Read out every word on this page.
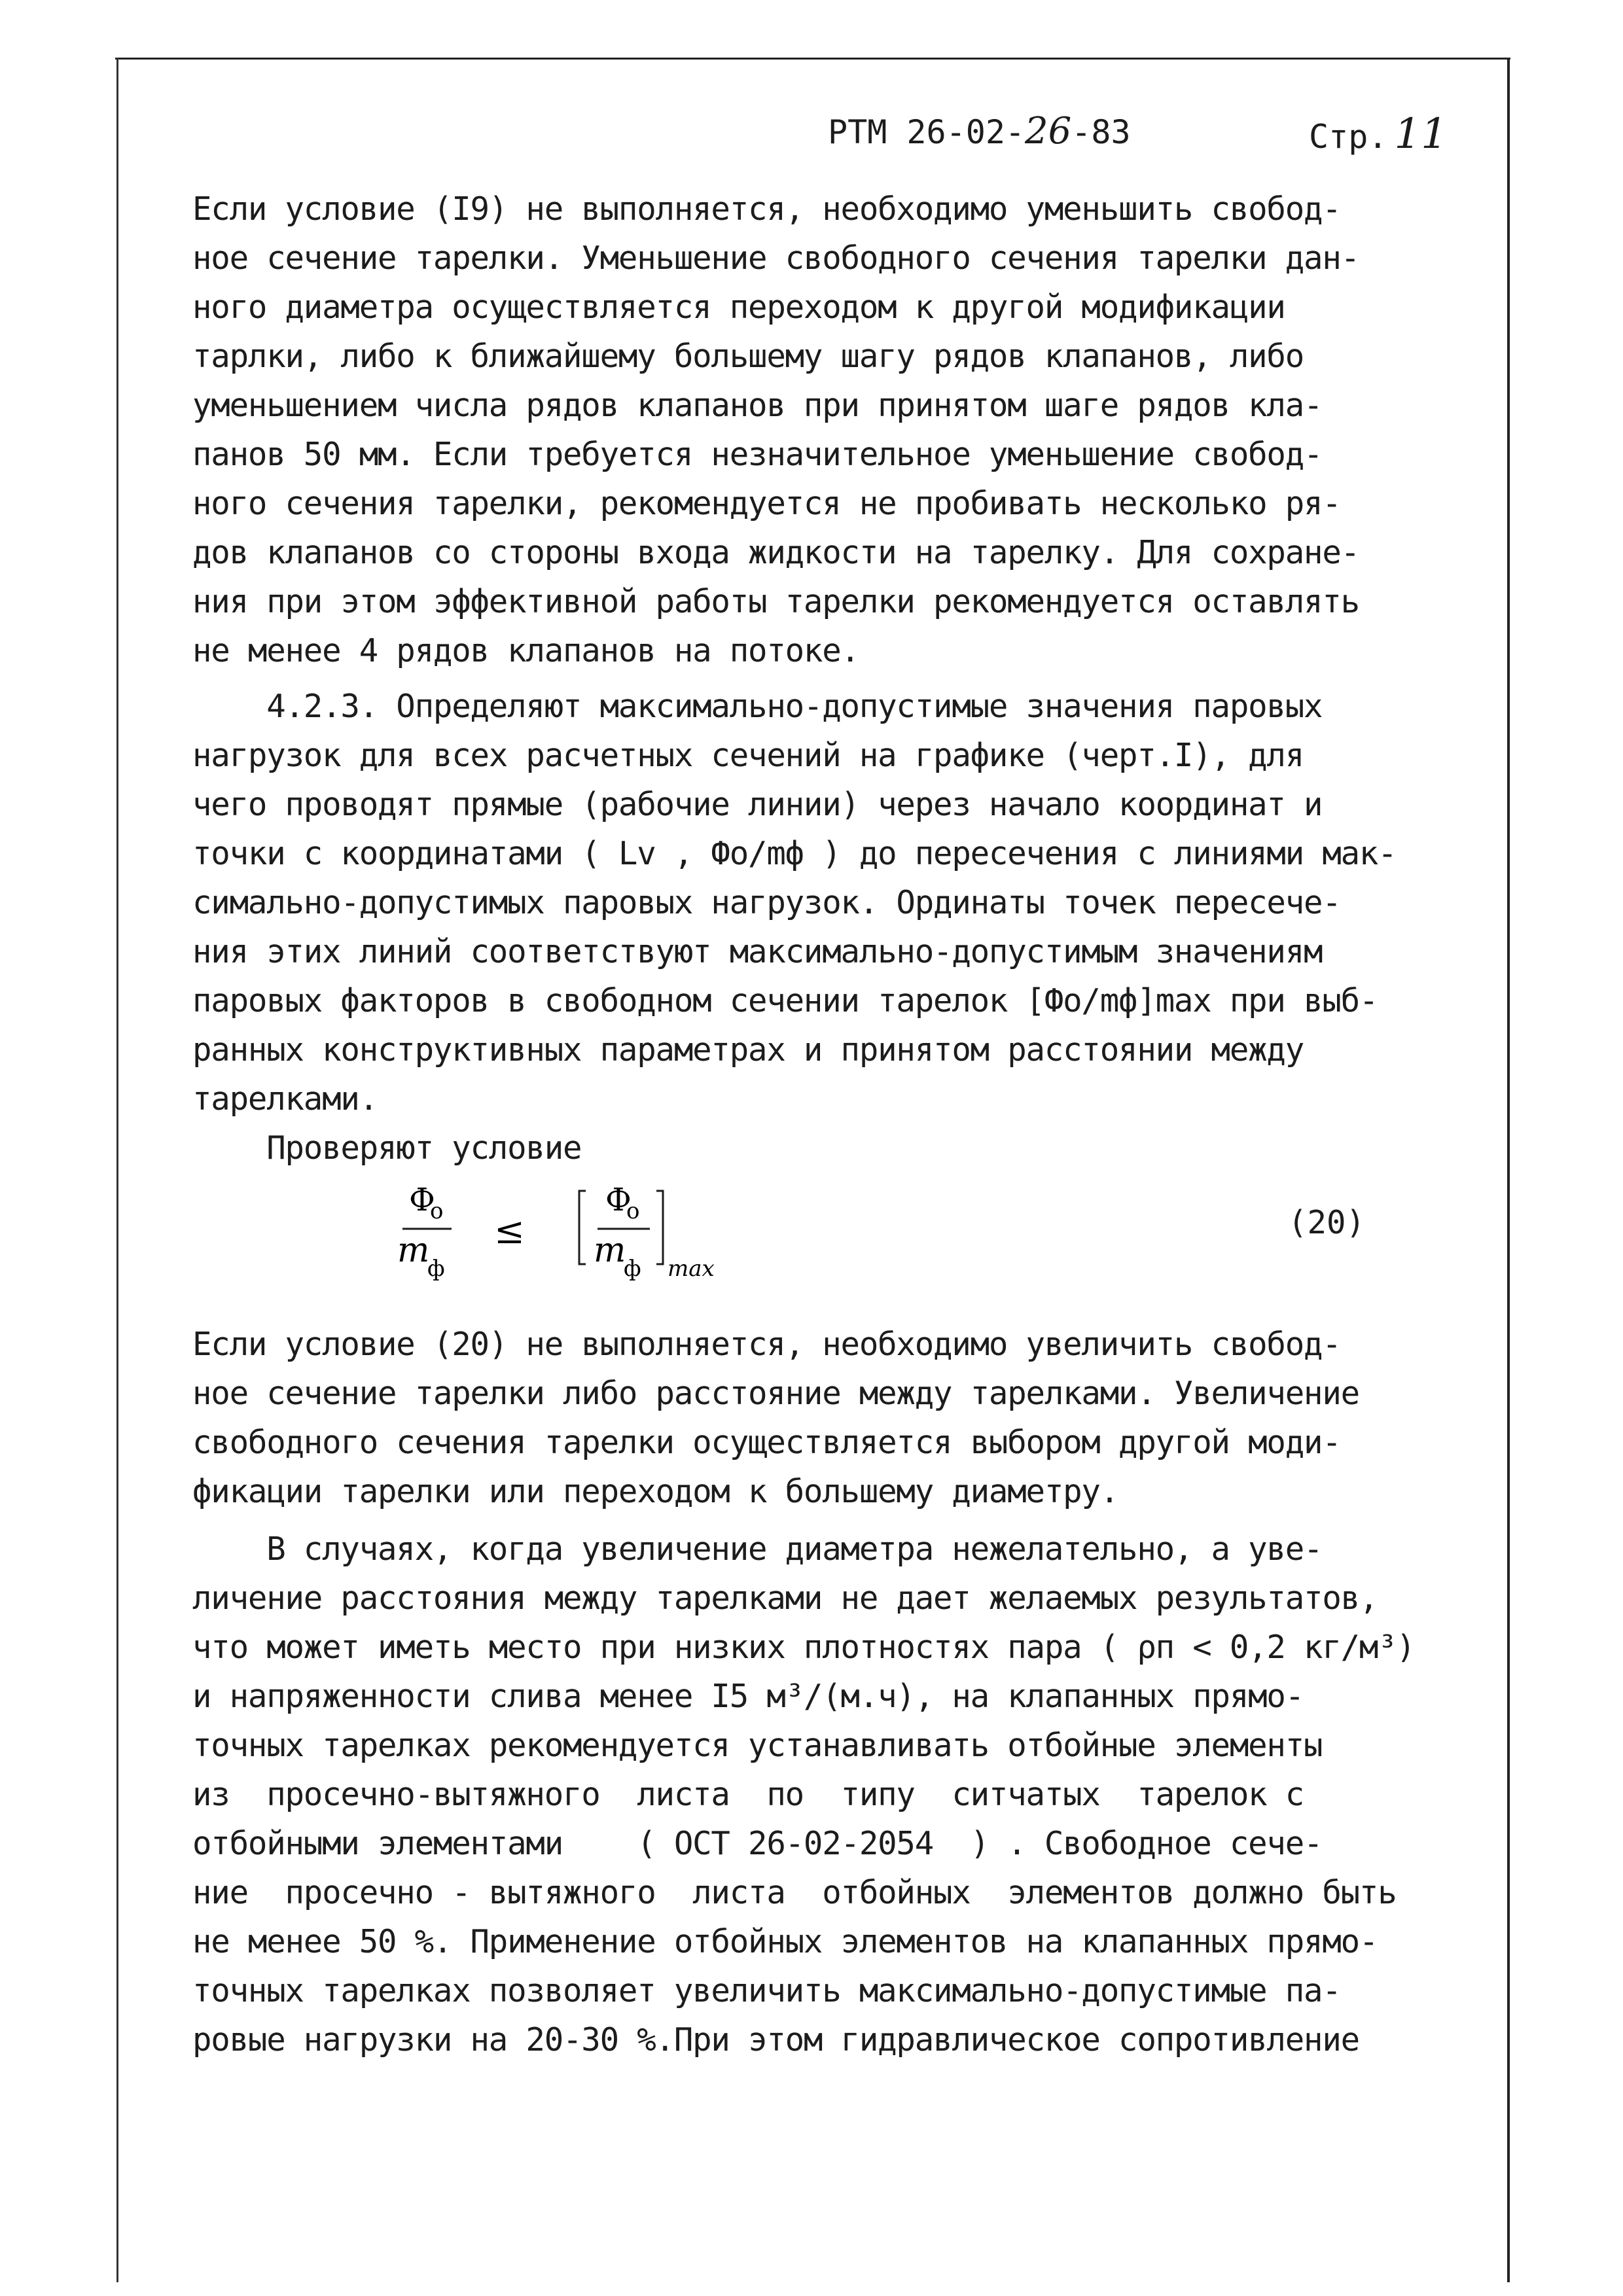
РТМ 26-02-26-83	Стр. 11
Если условие (I9) не выполняется, необходимо уменьшить свобод-
ное сечение тарелки. Уменьшение свободного сечения тарелки дан-
ного диаметра осуществляется переходом к другой модификации
тарлки, либо к ближайшему большему шагу рядов клапанов, либо
уменьшением числа рядов клапанов при принятом шаге рядов кла-
панов 50 мм. Если требуется незначительное уменьшение свобод-
ного сечения тарелки, рекомендуется не пробивать несколько ря-
дов клапанов со стороны входа жидкости на тарелку. Для сохране-
ния при этом эффективной работы тарелки рекомендуется оставлять
не менее 4 рядов клапанов на потоке.
4.2.3. Определяют максимально-допустимые значения паровых
нагрузок для всех расчетных сечений на графике (черт.I), для
чего проводят прямые (рабочие линии) через начало координат и
точки с координатами ( Lv , Фо/mф ) до пересечения с линиями мак-
симально-допустимых паровых нагрузок. Ординаты точек пересече-
ния этих линий соответствуют максимально-допустимым значениям
паровых факторов в свободном сечении тарелок [Фо/mф]max при выб-
ранных конструктивных параметрах и принятом расстоянии между
тарелками.
Проверяют условие
Если условие (20) не выполняется, необходимо увеличить свобод-
ное сечение тарелки либо расстояние между тарелками. Увеличение
свободного сечения тарелки осуществляется выбором другой моди-
фикации тарелки или переходом к большему диаметру.
В случаях, когда увеличение диаметра нежелательно, а уве-
личение расстояния между тарелками не дает желаемых результатов,
что может иметь место при низких плотностях пара ( ρп < 0,2 кг/м³)
и напряженности слива менее I5 м³/(м.ч), на клапанных прямо-
точных тарелках рекомендуется устанавливать отбойные элементы
из  просечно-вытяжного  листа  по  типу  ситчатых  тарелок с
отбойными элементами    ( ОСТ 26-02-2054  ) . Свободное сече-
ние  просечно - вытяжного  листа  отбойных  элементов должно быть
не менее 50 %. Применение отбойных элементов на клапанных прямо-
точных тарелках позволяет увеличить максимально-допустимые па-
ровые нагрузки на 20-30 %.При этом гидравлическое сопротивление
Ф
о
m
ф
≤
Ф
о
m
ф max
(20)
